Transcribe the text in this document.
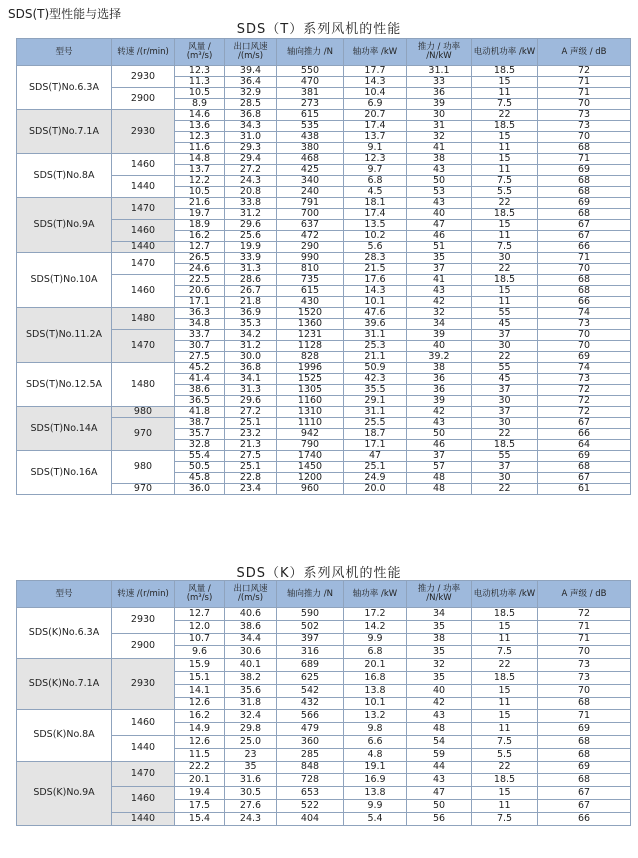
SDS(T)型性能与选择
SDS（T）系列风机的性能
型号	转速 /(r/min)	风量 / (m³/s)	出口风速 /(m/s)	轴向推力 /N	轴功率 /kW	推力 / 功率 /N/kW	电动机功率 /kW	A 声级 / dB
SDS(T)No.6.3A	2930	12.3	39.4	550	17.7	31.1	18.5	72
		11.3	36.4	470	14.3	33	15	71
	2900	10.5	32.9	381	10.4	36	11	71
		8.9	28.5	273	6.9	39	7.5	70
SDS(T)No.7.1A	2930	14.6	36.8	615	20.7	30	22	73
		13.6	34.3	535	17.4	31	18.5	73
		12.3	31.0	438	13.7	32	15	70
		11.6	29.3	380	9.1	41	11	68
SDS(T)No.8A	1460	14.8	29.4	468	12.3	38	15	71
		13.7	27.2	425	9.7	43	11	69
	1440	12.2	24.3	340	6.8	50	7.5	68
		10.5	20.8	240	4.5	53	5.5	68
SDS(T)No.9A	1470	21.6	33.8	791	18.1	43	22	69
		19.7	31.2	700	17.4	40	18.5	68
	1460	18.9	29.6	637	13.5	47	15	67
		16.2	25.6	472	10.2	46	11	67
	1440	12.7	19.9	290	5.6	51	7.5	66
SDS(T)No.10A	1470	26.5	33.9	990	28.3	35	30	71
		24.6	31.3	810	21.5	37	22	70
	1460	22.5	28.6	735	17.6	41	18.5	68
		20.6	26.7	615	14.3	43	15	68
		17.1	21.8	430	10.1	42	11	66
SDS(T)No.11.2A	1480	36.3	36.9	1520	47.6	32	55	74
		34.8	35.3	1360	39.6	34	45	73
	1470	33.7	34.2	1231	31.1	39	37	70
		30.7	31.2	1128	25.3	40	30	70
		27.5	30.0	828	21.1	39.2	22	69
SDS(T)No.12.5A	1480	45.2	36.8	1996	50.9	38	55	74
		41.4	34.1	1525	42.3	36	45	73
		38.6	31.3	1305	35.5	36	37	72
		36.5	29.6	1160	29.1	39	30	72
SDS(T)No.14A	980	41.8	27.2	1310	31.1	42	37	72
	970	38.7	25.1	1110	25.5	43	30	67
		35.7	23.2	942	18.7	50	22	66
		32.8	21.3	790	17.1	46	18.5	64
SDS(T)No.16A	980	55.4	27.5	1740	47	37	55	69
		50.5	25.1	1450	25.1	57	37	68
		45.8	22.8	1200	24.9	48	30	67
	970	36.0	23.4	960	20.0	48	22	61
SDS（K）系列风机的性能
型号	转速 /(r/min)	风量 / (m³/s)	出口风速 /(m/s)	轴向推力 /N	轴功率 /kW	推力 / 功率 /N/kW	电动机功率 /kW	A 声级 / dB
SDS(K)No.6.3A	2930	12.7	40.6	590	17.2	34	18.5	72
		12.0	38.6	502	14.2	35	15	71
	2900	10.7	34.4	397	9.9	38	11	71
		9.6	30.6	316	6.8	35	7.5	70
SDS(K)No.7.1A	2930	15.9	40.1	689	20.1	32	22	73
		15.1	38.2	625	16.8	35	18.5	73
		14.1	35.6	542	13.8	40	15	70
		12.6	31.8	432	10.1	42	11	68
SDS(K)No.8A	1460	16.2	32.4	566	13.2	43	15	71
		14.9	29.8	479	9.8	48	11	69
	1440	12.6	25.0	360	6.6	54	7.5	68
		11.5	23	285	4.8	59	5.5	68
SDS(K)No.9A	1470	22.2	35	848	19.1	44	22	69
		20.1	31.6	728	16.9	43	18.5	68
	1460	19.4	30.5	653	13.8	47	15	67
		17.5	27.6	522	9.9	50	11	67
	1440	15.4	24.3	404	5.4	56	7.5	66
